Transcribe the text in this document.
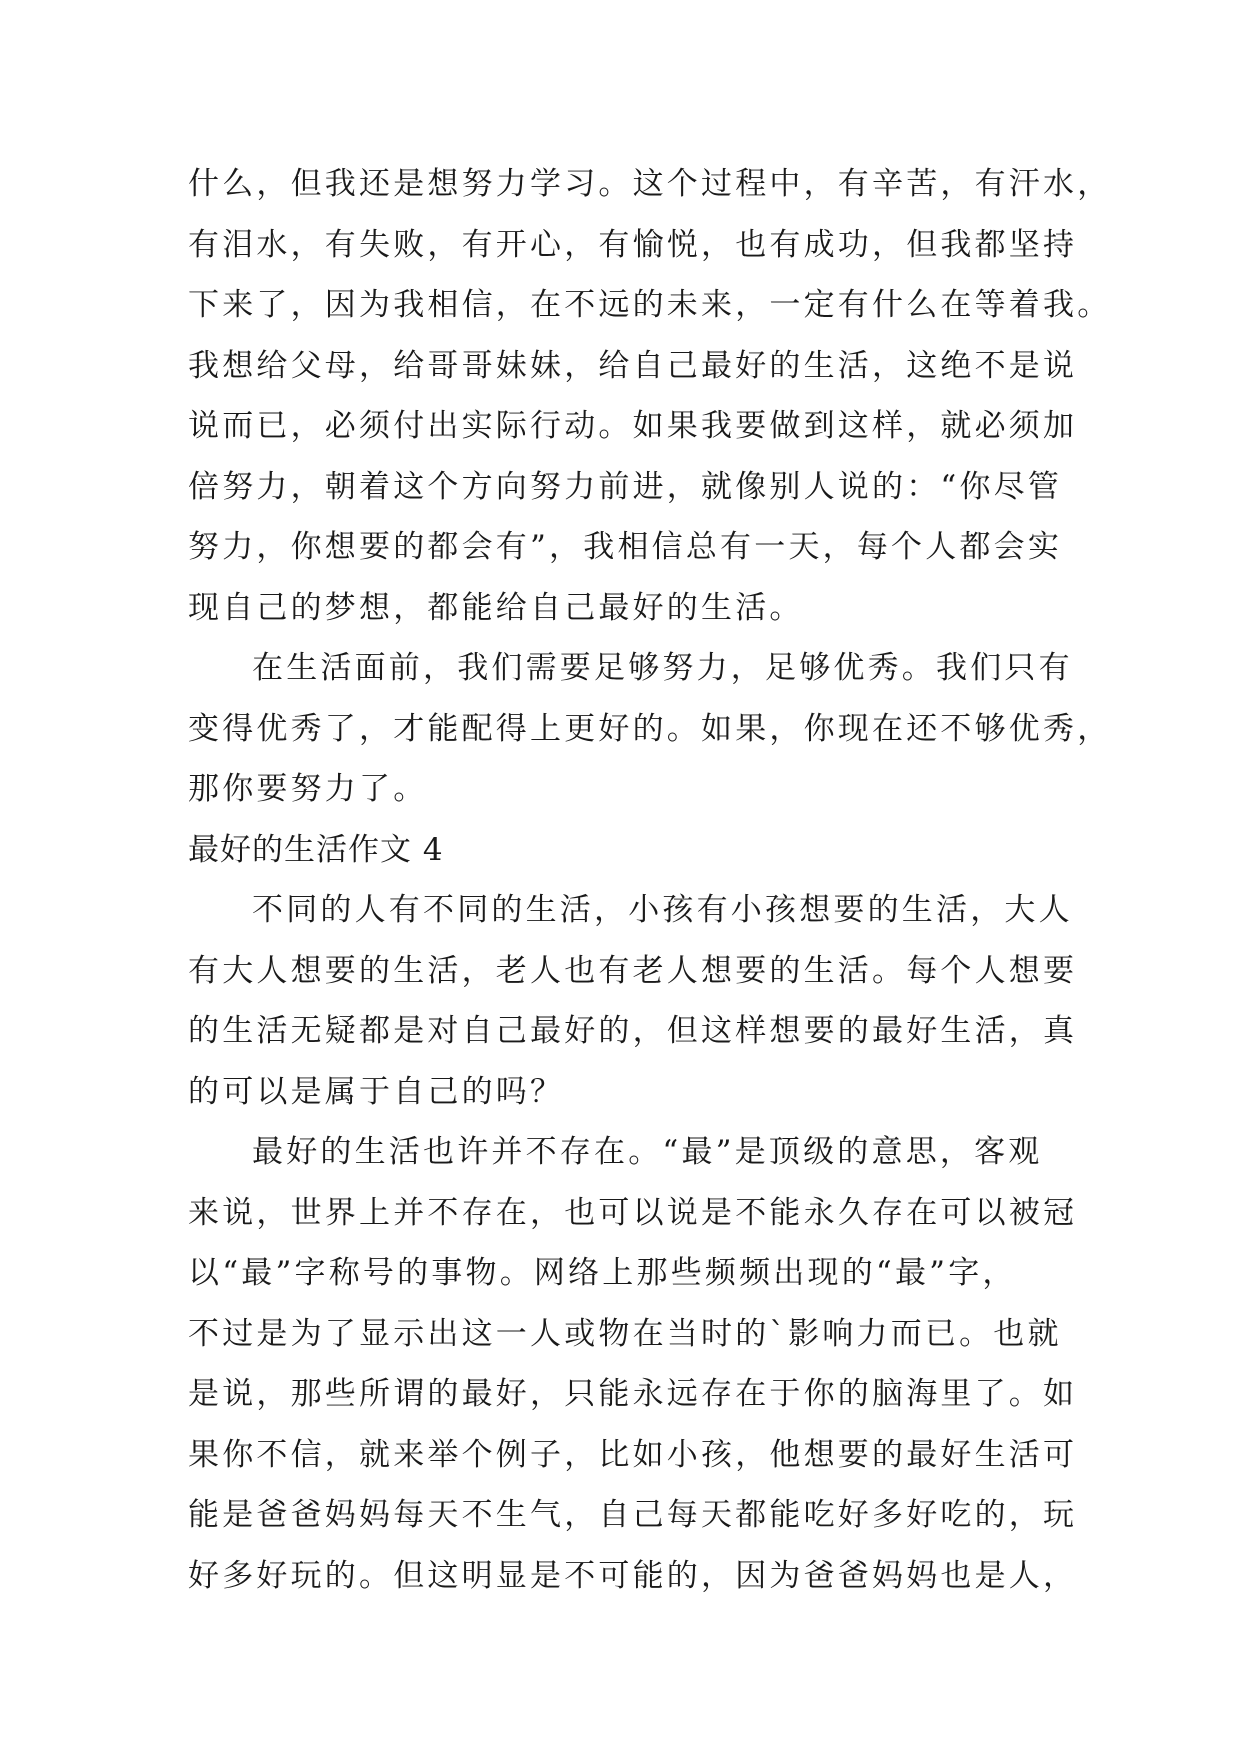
什么，但我还是想努力学习。这个过程中，有辛苦，有汗水，
有泪水，有失败，有开心，有愉悦，也有成功，但我都坚持
下来了，因为我相信，在不远的未来，一定有什么在等着我。
我想给父母，给哥哥妹妹，给自己最好的生活，这绝不是说
说而已，必须付出实际行动。如果我要做到这样，就必须加
倍努力，朝着这个方向努力前进，就像别人说的：“你尽管
努力，你想要的都会有”，我相信总有一天，每个人都会实
现自己的梦想，都能给自己最好的生活。
在生活面前，我们需要足够努力，足够优秀。我们只有
变得优秀了，才能配得上更好的。如果，你现在还不够优秀，
那你要努力了。
最好的生活作文 4
不同的人有不同的生活，小孩有小孩想要的生活，大人
有大人想要的生活，老人也有老人想要的生活。每个人想要
的生活无疑都是对自己最好的，但这样想要的最好生活，真
的可以是属于自己的吗？
最好的生活也许并不存在。“最”是顶级的意思，客观
来说，世界上并不存在，也可以说是不能永久存在可以被冠
以“最”字称号的事物。网络上那些频频出现的“最”字，
不过是为了显示出这一人或物在当时的`影响力而已。也就
是说，那些所谓的最好，只能永远存在于你的脑海里了。如
果你不信，就来举个例子，比如小孩，他想要的最好生活可
能是爸爸妈妈每天不生气，自己每天都能吃好多好吃的，玩
好多好玩的。但这明显是不可能的，因为爸爸妈妈也是人，
